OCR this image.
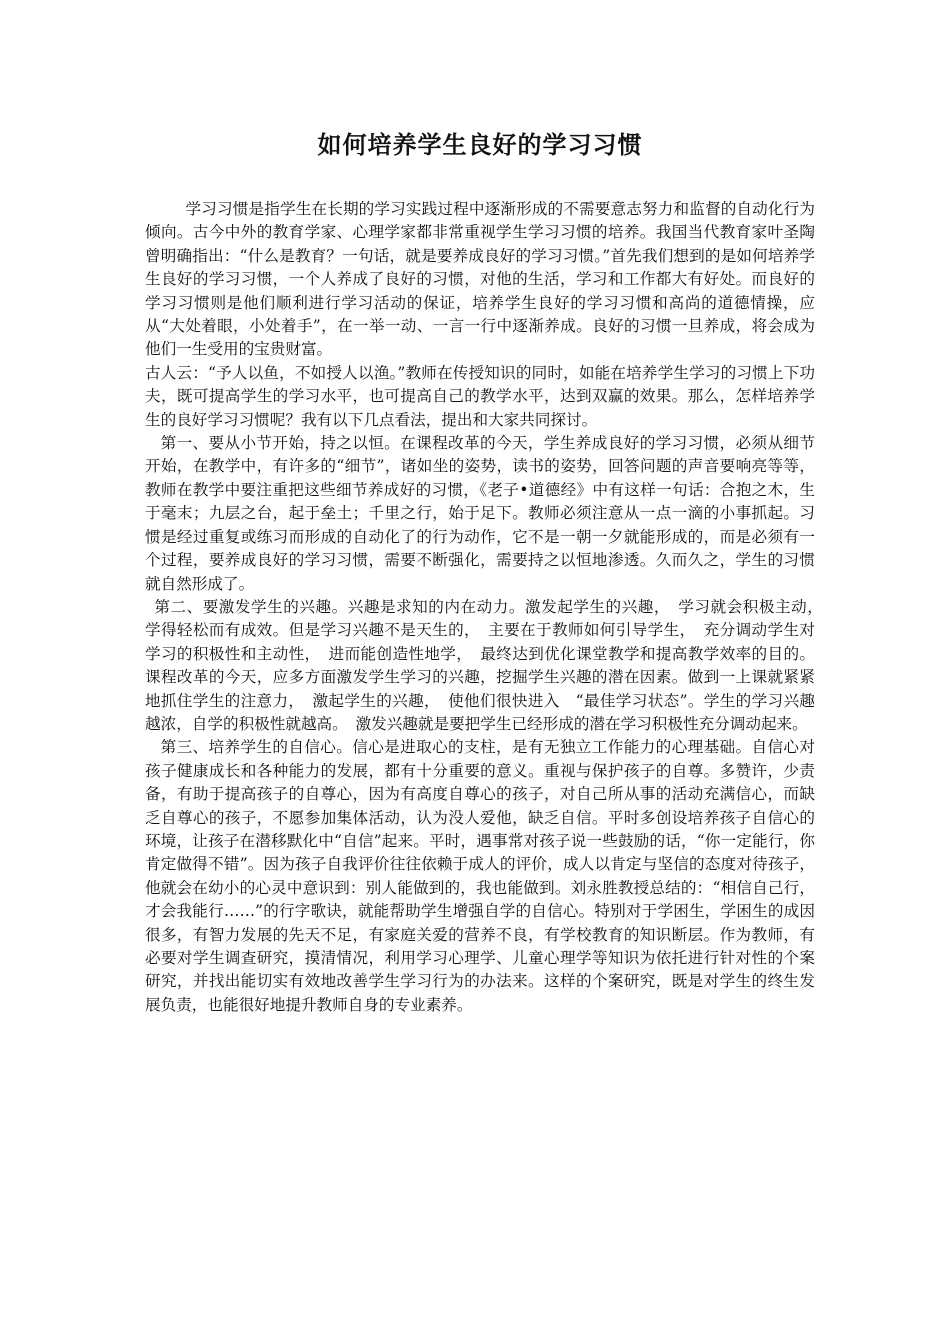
如何培养学生良好的学习习惯

学习习惯是指学生在长期的学习实践过程中逐渐形成的不需要意志努力和监督的自动化行为倾向。古今中外的教育学家、心理学家都非常重视学生学习习惯的培养。我国当代教育家叶圣陶曾明确指出：“什么是教育？一句话，就是要养成良好的学习习惯。”首先我们想到的是如何培养学生良好的学习习惯，一个人养成了良好的习惯，对他的生活，学习和工作都大有好处。而良好的学习习惯则是他们顺利进行学习活动的保证，培养学生良好的学习习惯和高尚的道德情操，应从“大处着眼，小处着手”，在一举一动、一言一行中逐渐养成。良好的习惯一旦养成，将会成为他们一生受用的宝贵财富。

古人云：“予人以鱼，不如授人以渔。”教师在传授知识的同时，如能在培养学生学习的习惯上下功夫，既可提高学生的学习水平，也可提高自己的教学水平，达到双赢的效果。那么，怎样培养学生的良好学习习惯呢？我有以下几点看法，提出和大家共同探讨。

第一、要从小节开始，持之以恒。在课程改革的今天，学生养成良好的学习习惯，必须从细节开始，在教学中，有许多的“细节”，诸如坐的姿势，读书的姿势，回答问题的声音要响亮等等，教师在教学中要注重把这些细节养成好的习惯，《老子•道德经》中有这样一句话：合抱之木，生于毫末；九层之台，起于垒土；千里之行，始于足下。教师必须注意从一点一滴的小事抓起。习惯是经过重复或练习而形成的自动化了的行为动作，它不是一朝一夕就能形成的，而是必须有一个过程，要养成良好的学习习惯，需要不断强化，需要持之以恒地渗透。久而久之，学生的习惯就自然形成了。

第二、要激发学生的兴趣。兴趣是求知的内在动力。激发起学生的兴趣，　学习就会积极主动，　学得轻松而有成效。但是学习兴趣不是天生的，　主要在于教师如何引导学生，　充分调动学生对学习的积极性和主动性，　进而能创造性地学，　最终达到优化课堂教学和提高教学效率的目的。课程改革的今天，应多方面激发学生学习的兴趣，挖掘学生兴趣的潜在因素。做到一上课就紧紧地抓住学生的注意力，　激起学生的兴趣，　使他们很快进入　“最佳学习状态”。学生的学习兴趣越浓，自学的积极性就越高。　激发兴趣就是要把学生已经形成的潜在学习积极性充分调动起来。

第三、培养学生的自信心。信心是进取心的支柱，是有无独立工作能力的心理基础。自信心对孩子健康成长和各种能力的发展，都有十分重要的意义。重视与保护孩子的自尊。多赞许，少责备，有助于提高孩子的自尊心，因为有高度自尊心的孩子，对自己所从事的活动充满信心，而缺乏自尊心的孩子，不愿参加集体活动，认为没人爱他，缺乏自信。平时多创设培养孩子自信心的环境，让孩子在潜移默化中“自信”起来。平时，遇事常对孩子说一些鼓励的话，“你一定能行，你肯定做得不错”。因为孩子自我评价往往依赖于成人的评价，成人以肯定与坚信的态度对待孩子，他就会在幼小的心灵中意识到：别人能做到的，我也能做到。刘永胜教授总结的：“相信自己行，才会我能行……”的行字歌诀，就能帮助学生增强自学的自信心。特别对于学困生，学困生的成因很多，有智力发展的先天不足，有家庭关爱的营养不良，有学校教育的知识断层。作为教师，有必要对学生调查研究，摸清情况，利用学习心理学、儿童心理学等知识为依托进行针对性的个案研究，并找出能切实有效地改善学生学习行为的办法来。这样的个案研究，既是对学生的终生发展负责，也能很好地提升教师自身的专业素养。
